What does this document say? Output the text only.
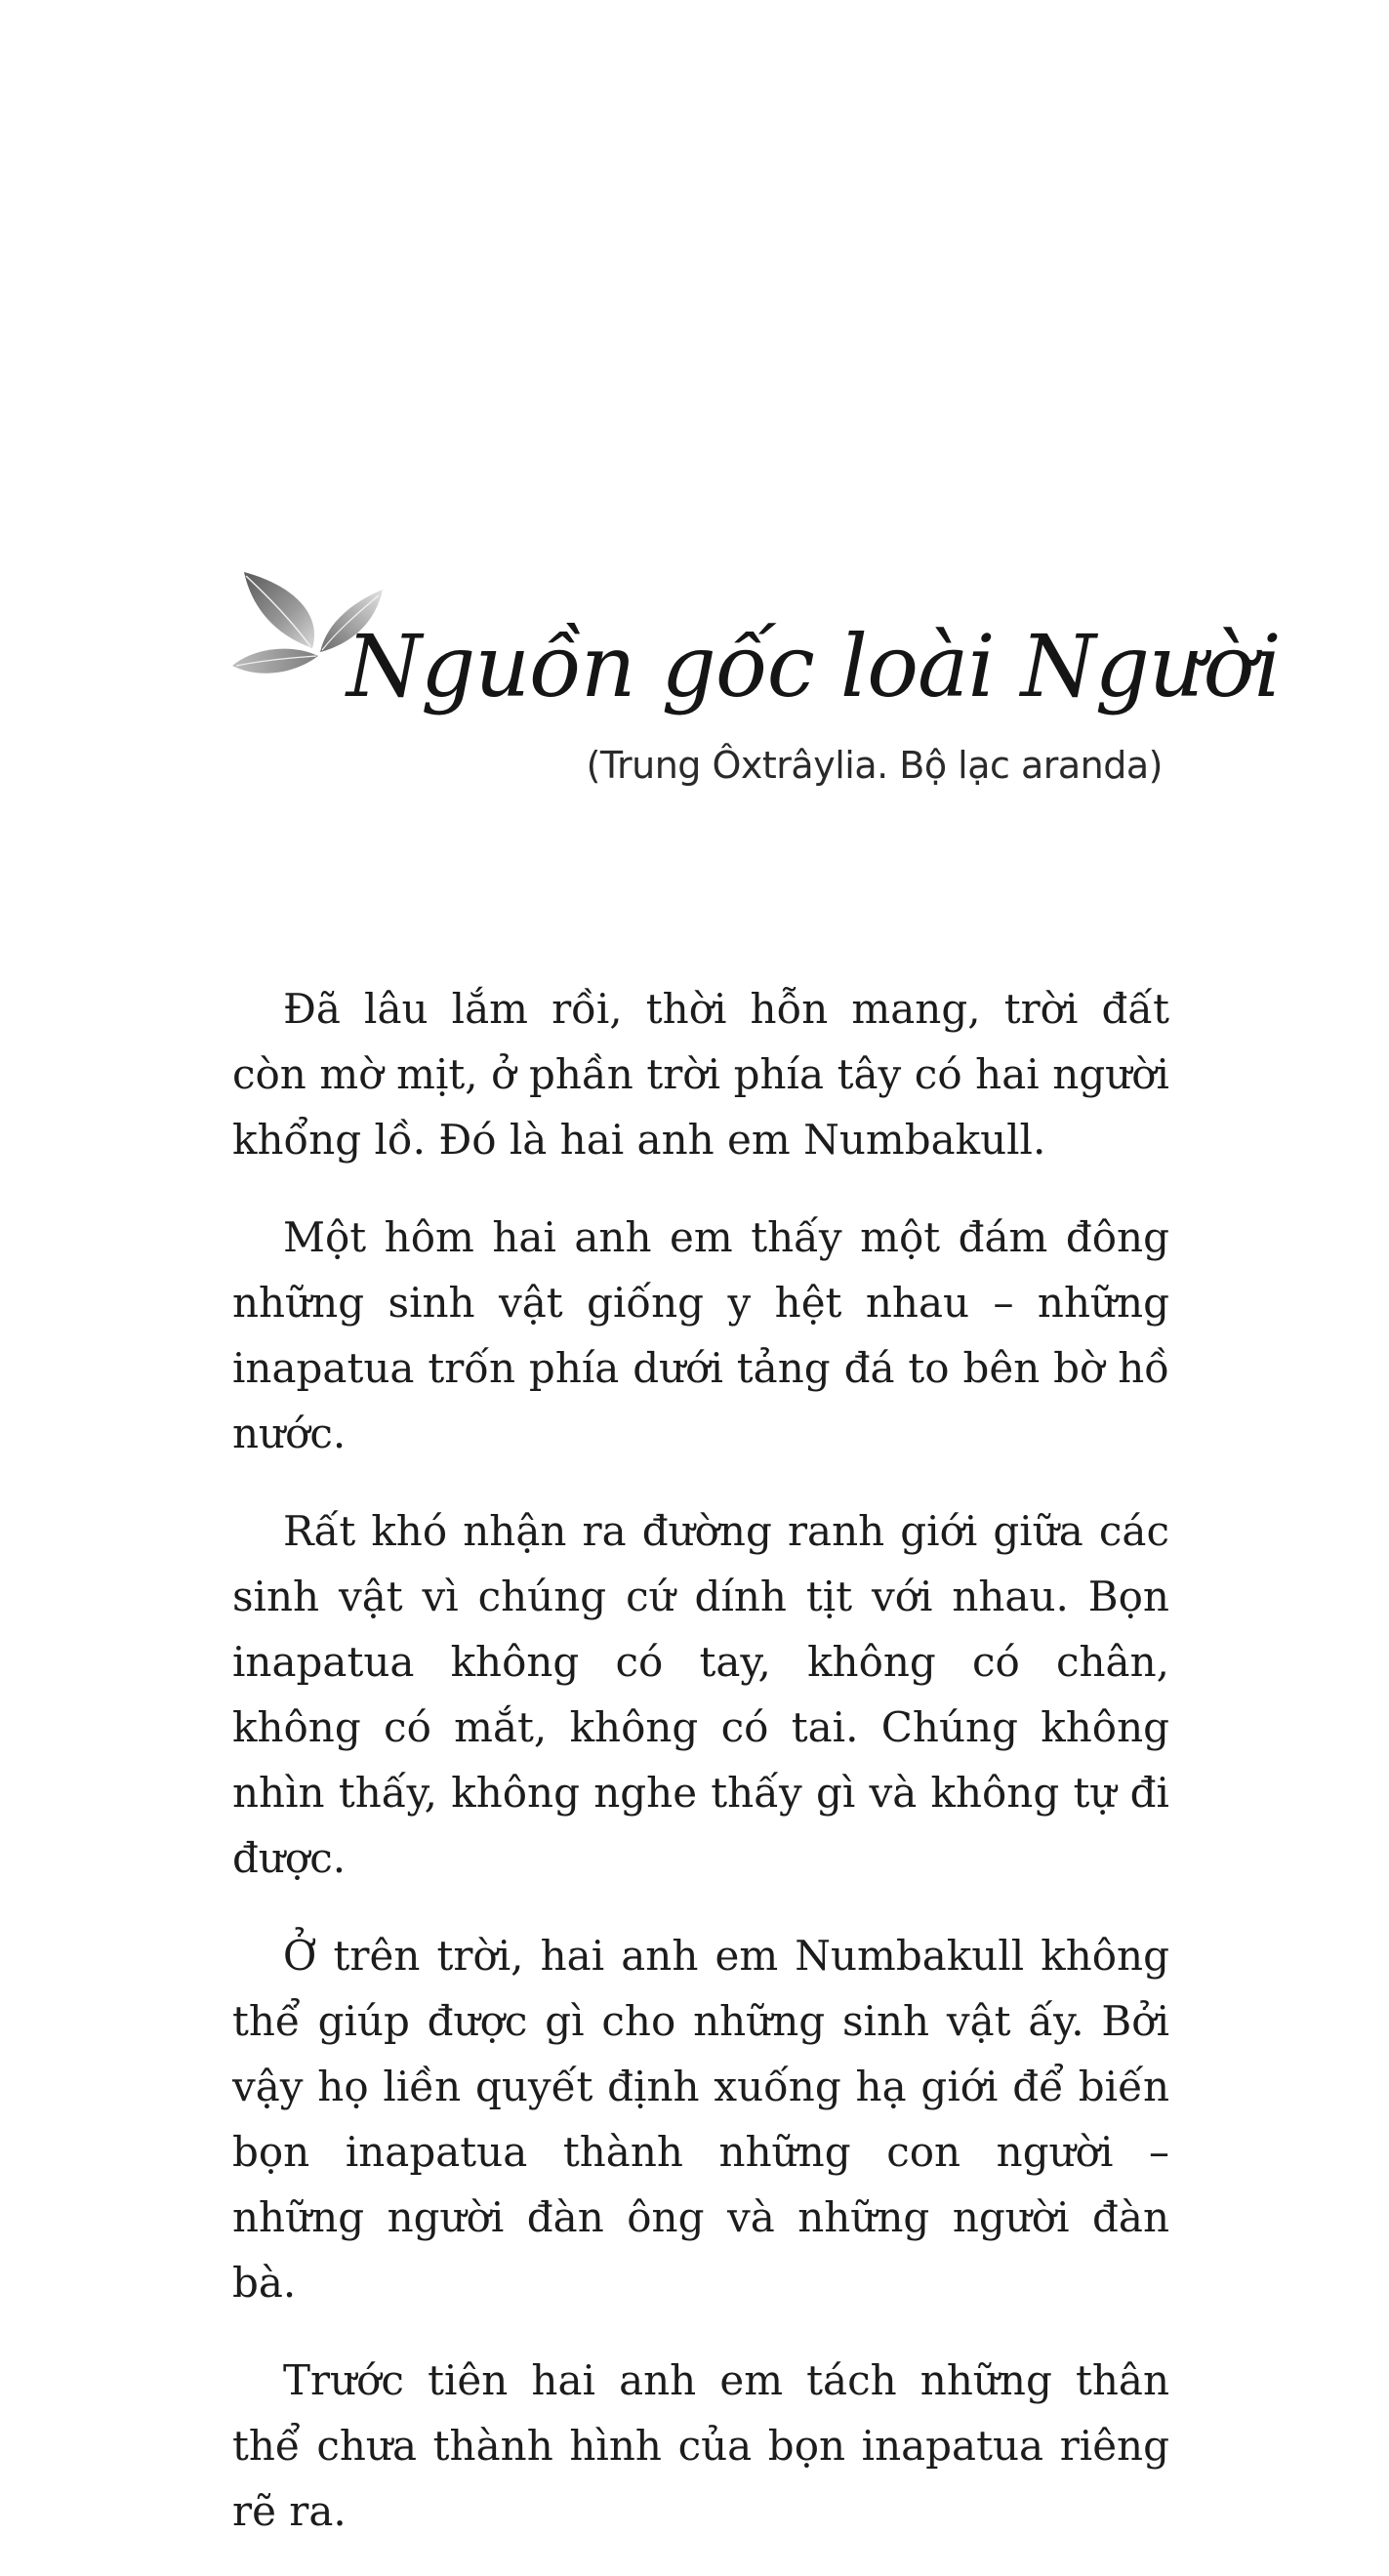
Nguồn gốc loài Người
(Trung Ôxtrâylia. Bộ lạc aranda)

Đã lâu lắm rồi, thời hỗn mang, trời đất còn mờ mịt, ở phần trời phía tây có hai người khổng lồ. Đó là hai anh em Numbakull.

Một hôm hai anh em thấy một đám đông những sinh vật giống y hệt nhau – những inapatua trốn phía dưới tảng đá to bên bờ hồ nước.

Rất khó nhận ra đường ranh giới giữa các sinh vật vì chúng cứ dính tịt với nhau. Bọn inapatua không có tay, không có chân, không có mắt, không có tai. Chúng không nhìn thấy, không nghe thấy gì và không tự đi được.

Ở trên trời, hai anh em Numbakull không thể giúp được gì cho những sinh vật ấy. Bởi vậy họ liền quyết định xuống hạ giới để biến bọn inapatua thành những con người – những người đàn ông và những người đàn bà.

Trước tiên hai anh em tách những thân thể chưa thành hình của bọn inapatua riêng rẽ ra.
